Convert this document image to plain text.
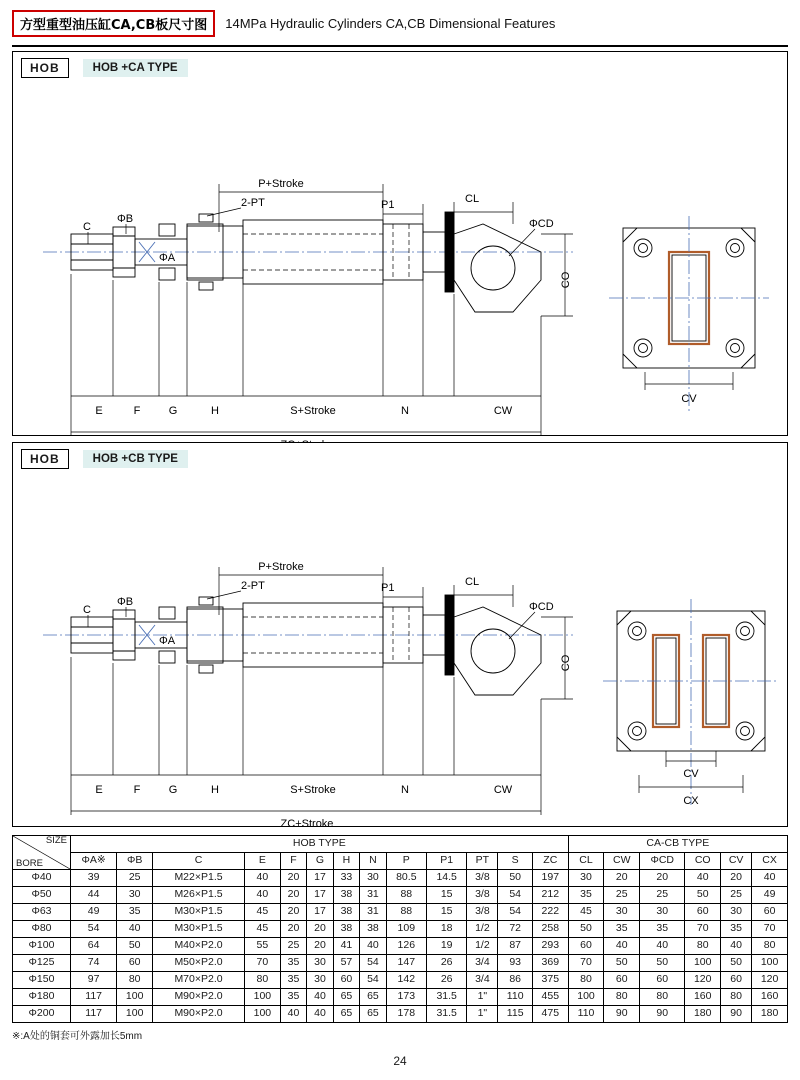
方型重型油压缸CA,CB板尺寸图	14MPa Hydraulic Cylinders CA,CB Dimensional Features
HOB	HOB +CA TYPE
P+Stroke
2-PT	P1	CL
ΦCD
C
ΦB
ΦA
E	F	G	H	S+Stroke	N	CW
CV
CO
HOB	HOB +CB TYPE
P+Stroke
2-PT	P1	CL
ΦCD
C
ΦB
ΦA
E	F	G	H	S+Stroke	N	CW
ZC+Stroke
CV
CX
CO
SIZE
BORE	HOB TYPE													CA-CB TYPE					
	ΦA※	ΦB	C	E	F	G	H	N	P	P1	PT	S	ZC	CL	CW	ΦCD	CO	CV	CX
Φ40	39	25	M22×P1.5	40	20	17	33	30	80.5	14.5	3/8	50	197	30	20	20	40	20	40
Φ50	44	30	M26×P1.5	40	20	17	38	31	88	15	3/8	54	212	35	25	25	50	25	49
Φ63	49	35	M30×P1.5	45	20	17	38	31	88	15	3/8	54	222	45	30	30	60	30	60
Φ80	54	40	M30×P1.5	45	20	20	38	38	109	18	1/2	72	258	50	35	35	70	35	70
Φ100	64	50	M40×P2.0	55	25	20	41	40	126	19	1/2	87	293	60	40	40	80	40	80
Φ125	74	60	M50×P2.0	70	35	30	57	54	147	26	3/4	93	369	70	50	50	100	50	100
Φ150	97	80	M70×P2.0	80	35	30	60	54	142	26	3/4	86	375	80	60	60	120	60	120
Φ180	117	100	M90×P2.0	100	35	40	65	65	173	31.5	1"	110	455	100	80	80	160	80	160
Φ200	117	100	M90×P2.0	100	40	40	65	65	178	31.5	1"	115	475	110	90	90	180	90	180
※:A处的铜套可外露加长5mm
24
